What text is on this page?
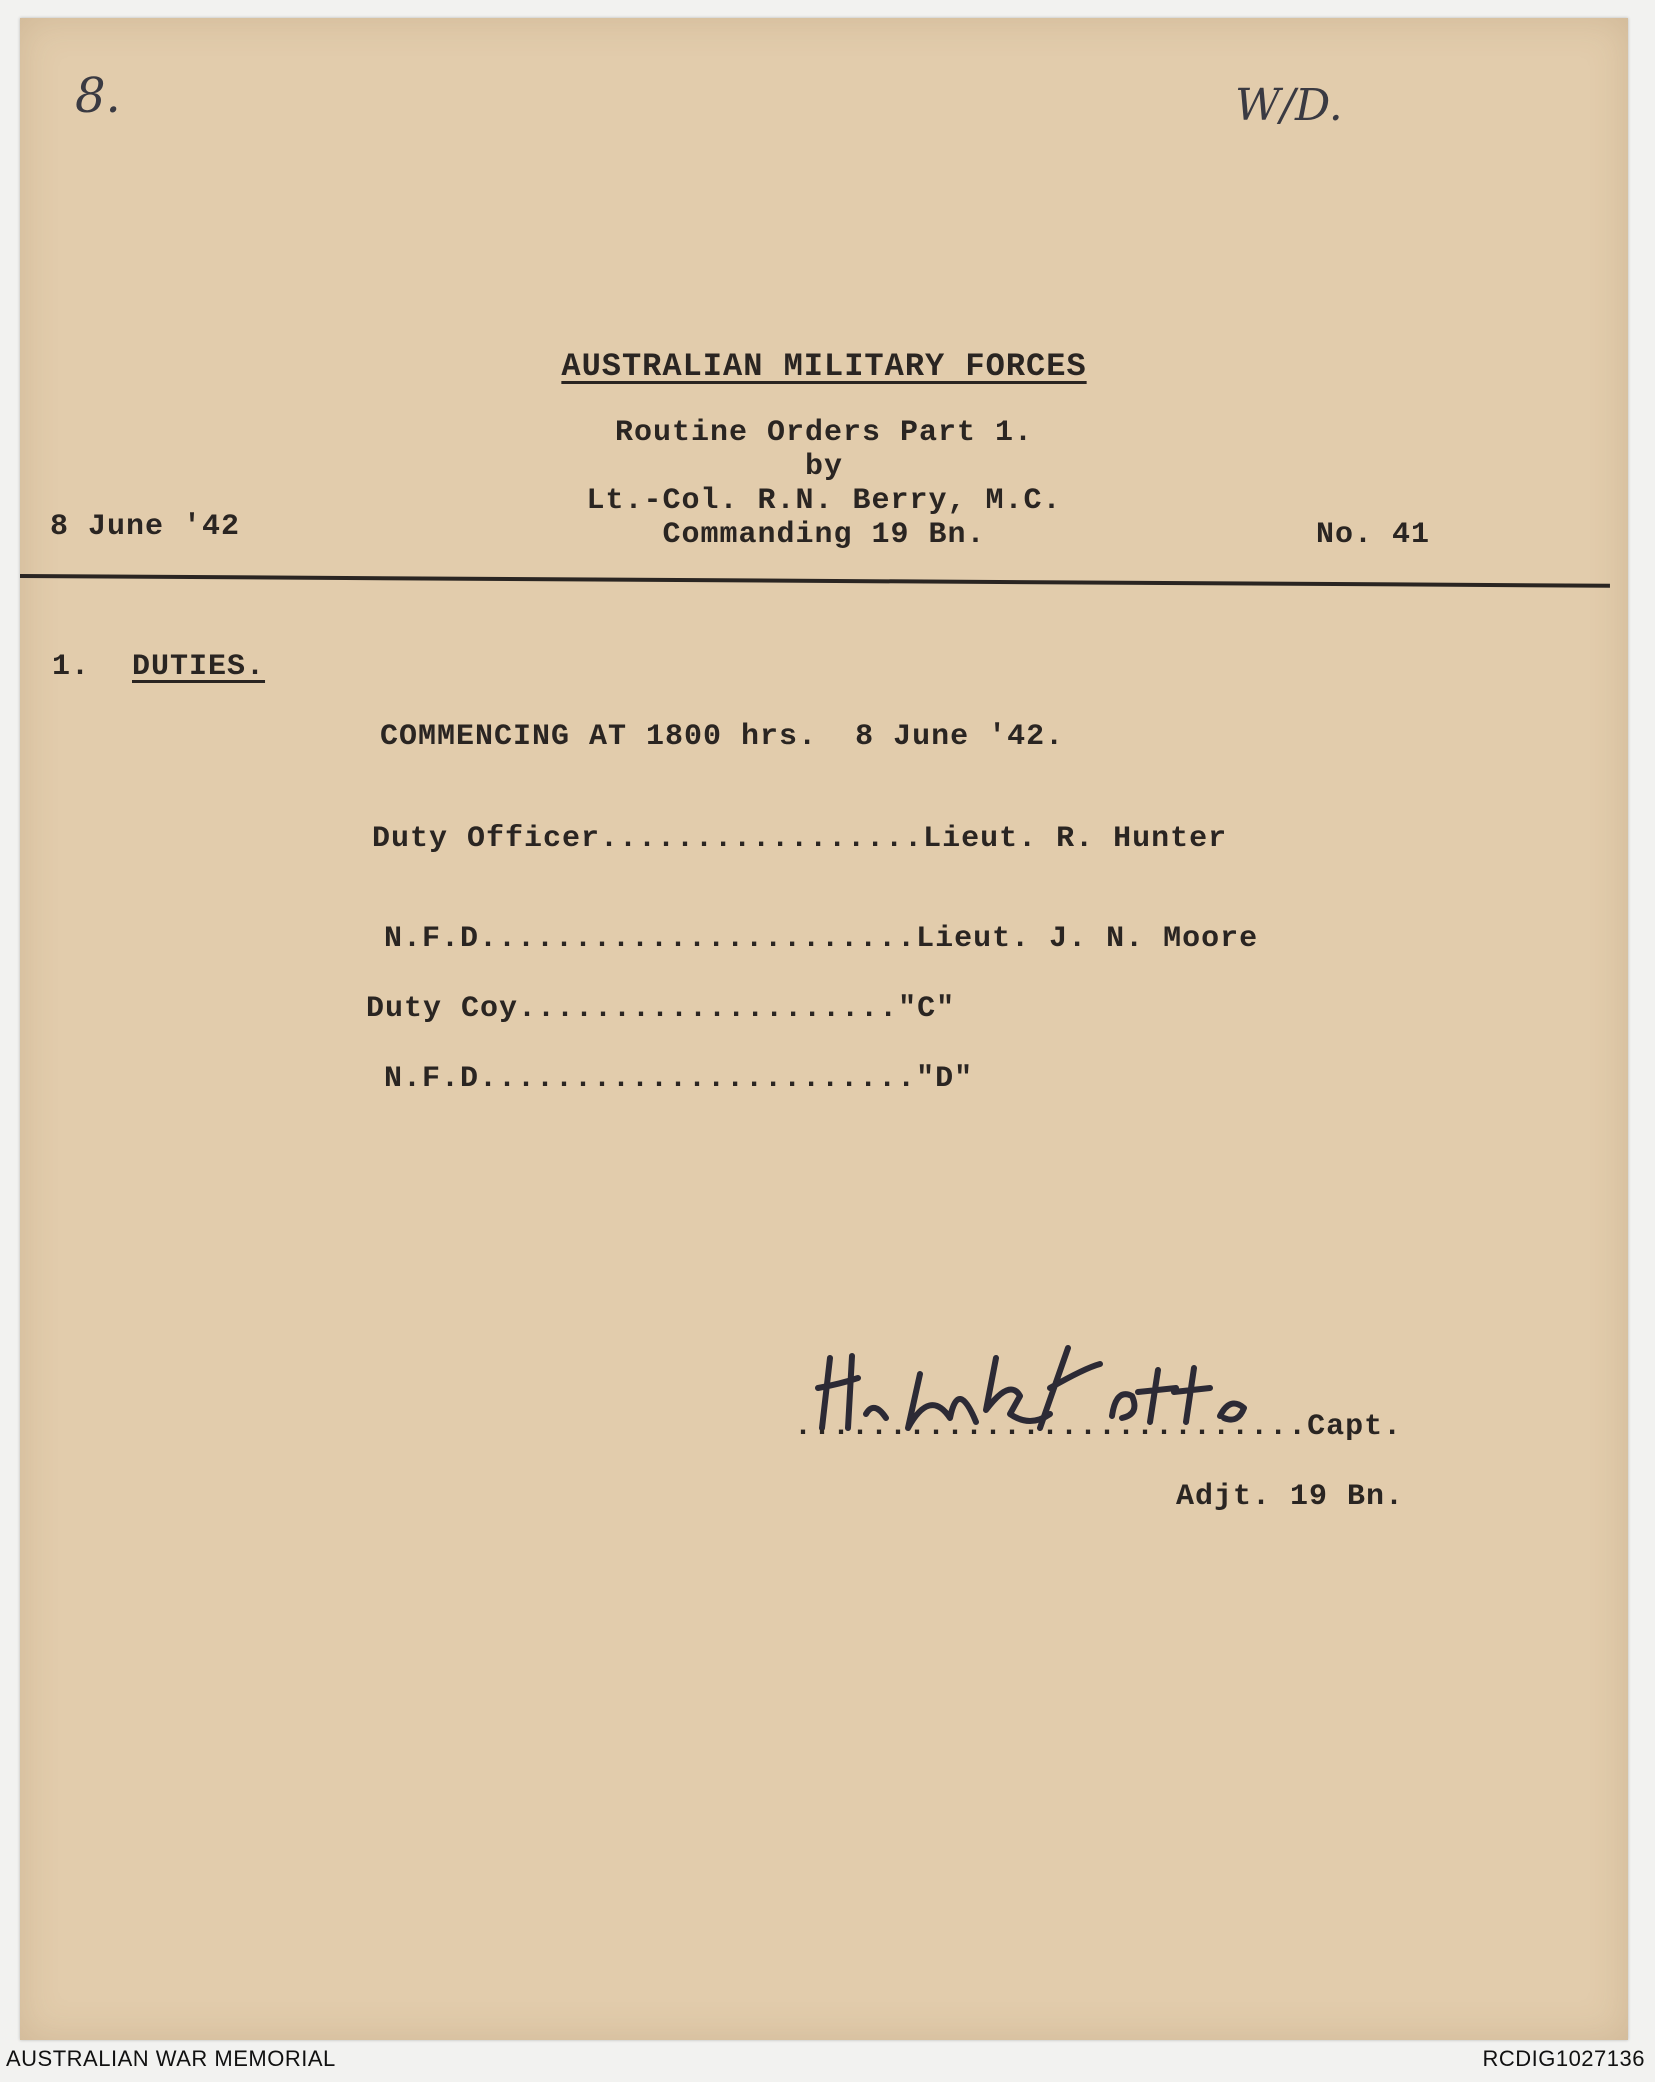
8.	W/D.
AUSTRALIAN MILITARY FORCES
Routine Orders Part 1.
by
Lt.-Col. R.N. Berry, M.C.
Commanding 19 Bn.
8 June '42	No. 41
1. DUTIES.
COMMENCING AT 1800 hrs.  8 June '42.
Duty Officer.................Lieut. R. Hunter
N.F.D.......................Lieut. J. N. Moore
Duty Coy...................."C"
N.F.D......................."D"
...........................Capt.
Adjt. 19 Bn.
AUSTRALIAN WAR MEMORIAL	RCDIG1027136
